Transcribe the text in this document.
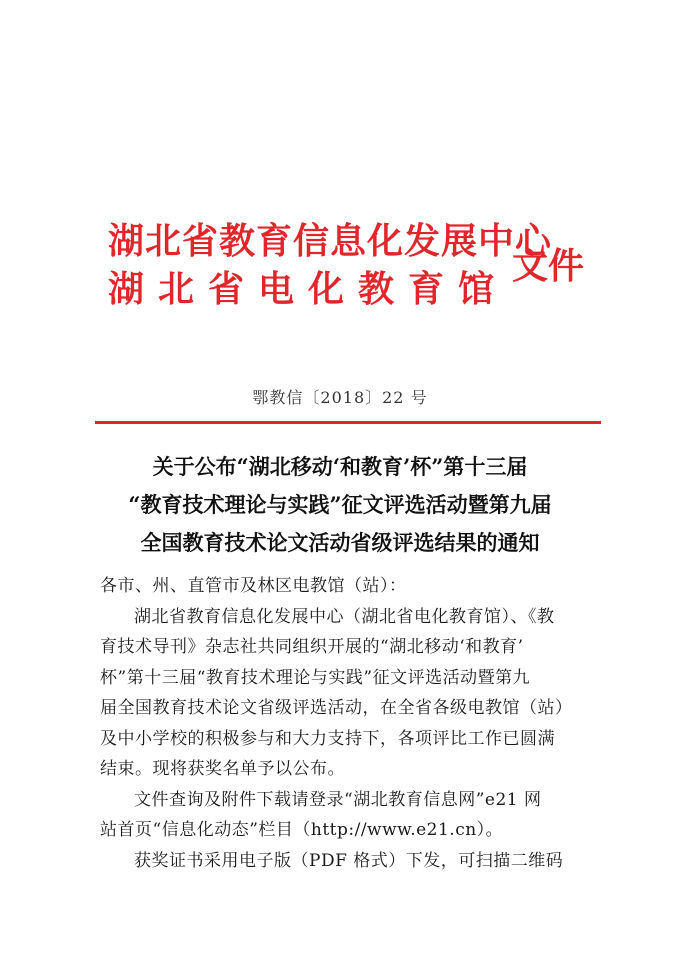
湖北省教育信息化发展中心
湖北省电化教育馆
文件
鄂教信〔2018〕22 号
关于公布“湖北移动‘和教育’杯”第十三届
“教育技术理论与实践”征文评选活动暨第九届
全国教育技术论文活动省级评选结果的通知
各市、州、直管市及林区电教馆（站）：
湖北省教育信息化发展中心（湖北省电化教育馆）、《教
育技术导刊》杂志社共同组织开展的“湖北移动‘和教育’
杯”第十三届“教育技术理论与实践”征文评选活动暨第九
届全国教育技术论文省级评选活动，在全省各级电教馆（站）
及中小学校的积极参与和大力支持下，各项评比工作已圆满
结束。现将获奖名单予以公布。
文件查询及附件下载请登录“湖北教育信息网”e21 网
站首页“信息化动态”栏目（http://www.e21.cn）。
获奖证书采用电子版（PDF 格式）下发，可扫描二维码
